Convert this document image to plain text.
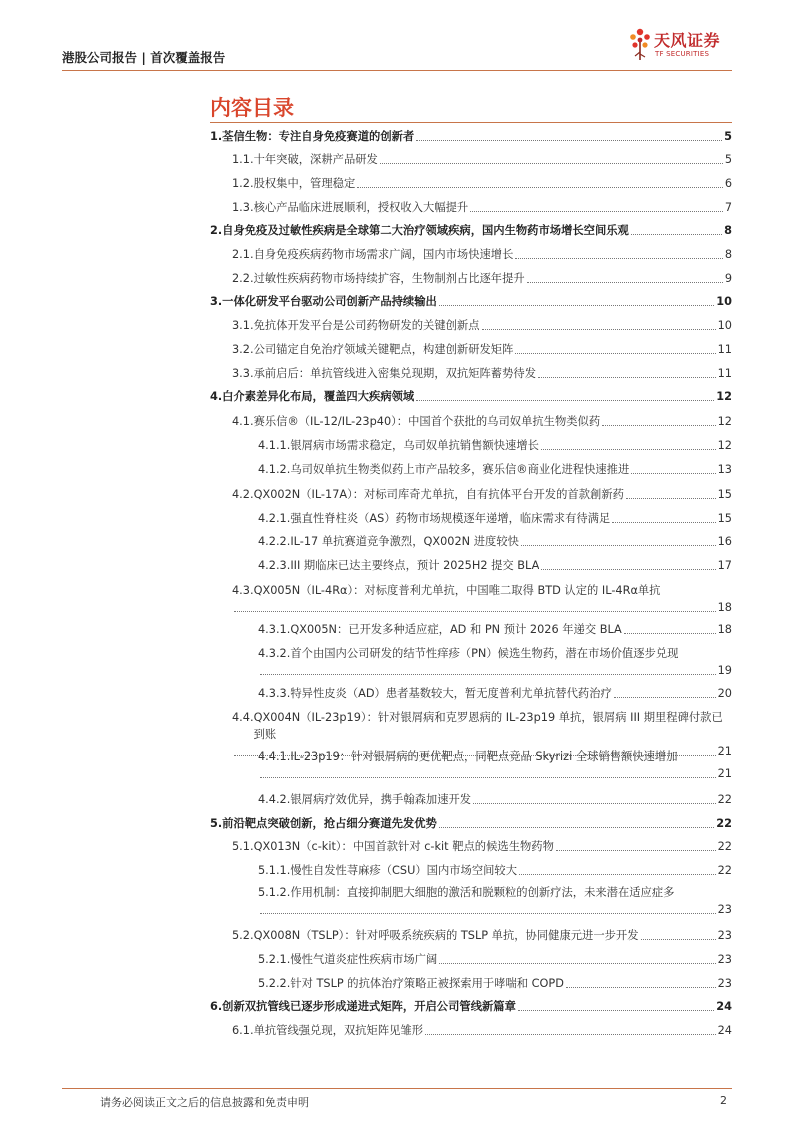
港股公司报告 | 首次覆盖报告
天风证券
TF SECURITIES
内容目录
1. 荃信生物：专注自身免疫赛道的创新者	5
1.1. 十年突破，深耕产品研发	5
1.2. 股权集中，管理稳定	6
1.3. 核心产品临床进展顺利，授权收入大幅提升	7
2. 自身免疫及过敏性疾病是全球第二大治疗领域疾病，国内生物药市场增长空间乐观	8
2.1. 自身免疫疾病药物市场需求广阔，国内市场快速增长	8
2.2. 过敏性疾病药物市场持续扩容，生物制剂占比逐年提升	9
3. 一体化研发平台驱动公司创新产品持续输出	10
3.1. 免抗体开发平台是公司药物研发的关键创新点	10
3.2. 公司锚定自免治疗领域关键靶点，构建创新研发矩阵	11
3.3. 承前启后：单抗管线进入密集兑现期，双抗矩阵蓄势待发	11
4. 白介素差异化布局，覆盖四大疾病领域	12
4.1. 赛乐信®（IL-12/IL-23p40）：中国首个获批的乌司奴单抗生物类似药	12
4.1.1. 银屑病市场需求稳定，乌司奴单抗销售额快速增长	12
4.1.2. 乌司奴单抗生物类似药上市产品较多，赛乐信®商业化进程快速推进	13
4.2. QX002N（IL-17A）：对标司库奇尤单抗，自有抗体平台开发的首款創新药	15
4.2.1. 强直性脊柱炎（AS）药物市场规模逐年递增，临床需求有待满足	15
4.2.2. IL-17 单抗赛道竞争激烈，QX002N 进度较快	16
4.2.3. III 期临床已达主要终点，预计 2025H2 提交 BLA	17
4.3. QX005N（IL-4Rα）：对标度普利尤单抗，中国唯二取得 BTD 认定的 IL-4Rα单抗
18
4.3.1. QX005N：已开发多种适应症，AD 和 PN 预计 2026 年递交 BLA	18
4.3.2. 首个由国内公司研发的结节性痒疹（PN）候选生物药，潜在市场价值逐步兑现
19
4.3.3. 特异性皮炎（AD）患者基数较大，暂无度普利尤单抗替代药治疗	20
4.4. QX004N（IL-23p19）：针对银屑病和克罗恩病的 IL-23p19 单抗，银屑病 III 期里程碑付款已到账
21
4.4.1. IL-23p19：针对银屑病的更优靶点，同靶点竞品 Skyrizi 全球销售额快速增加
21
4.4.2. 银屑病疗效优异，携手翰森加速开发	22
5. 前沿靶点突破创新，抢占细分赛道先发优势	22
5.1. QX013N（c-kit）：中国首款针对 c-kit 靶点的候选生物药物	22
5.1.1. 慢性自发性荨麻疹（CSU）国内市场空间较大	22
5.1.2. 作用机制：直接抑制肥大细胞的激活和脱颗粒的创新疗法，未来潜在适应症多
23
5.2. QX008N（TSLP）：针对呼吸系统疾病的 TSLP 单抗，协同健康元进一步开发	23
5.2.1. 慢性气道炎症性疾病市场广阔	23
5.2.2. 针对 TSLP 的抗体治疗策略正被探索用于哮喘和 COPD	23
6. 创新双抗管线已逐步形成递进式矩阵，开启公司管线新篇章	24
6.1. 单抗管线强兑现，双抗矩阵见雏形	24
请务必阅读正文之后的信息披露和免责申明	2
